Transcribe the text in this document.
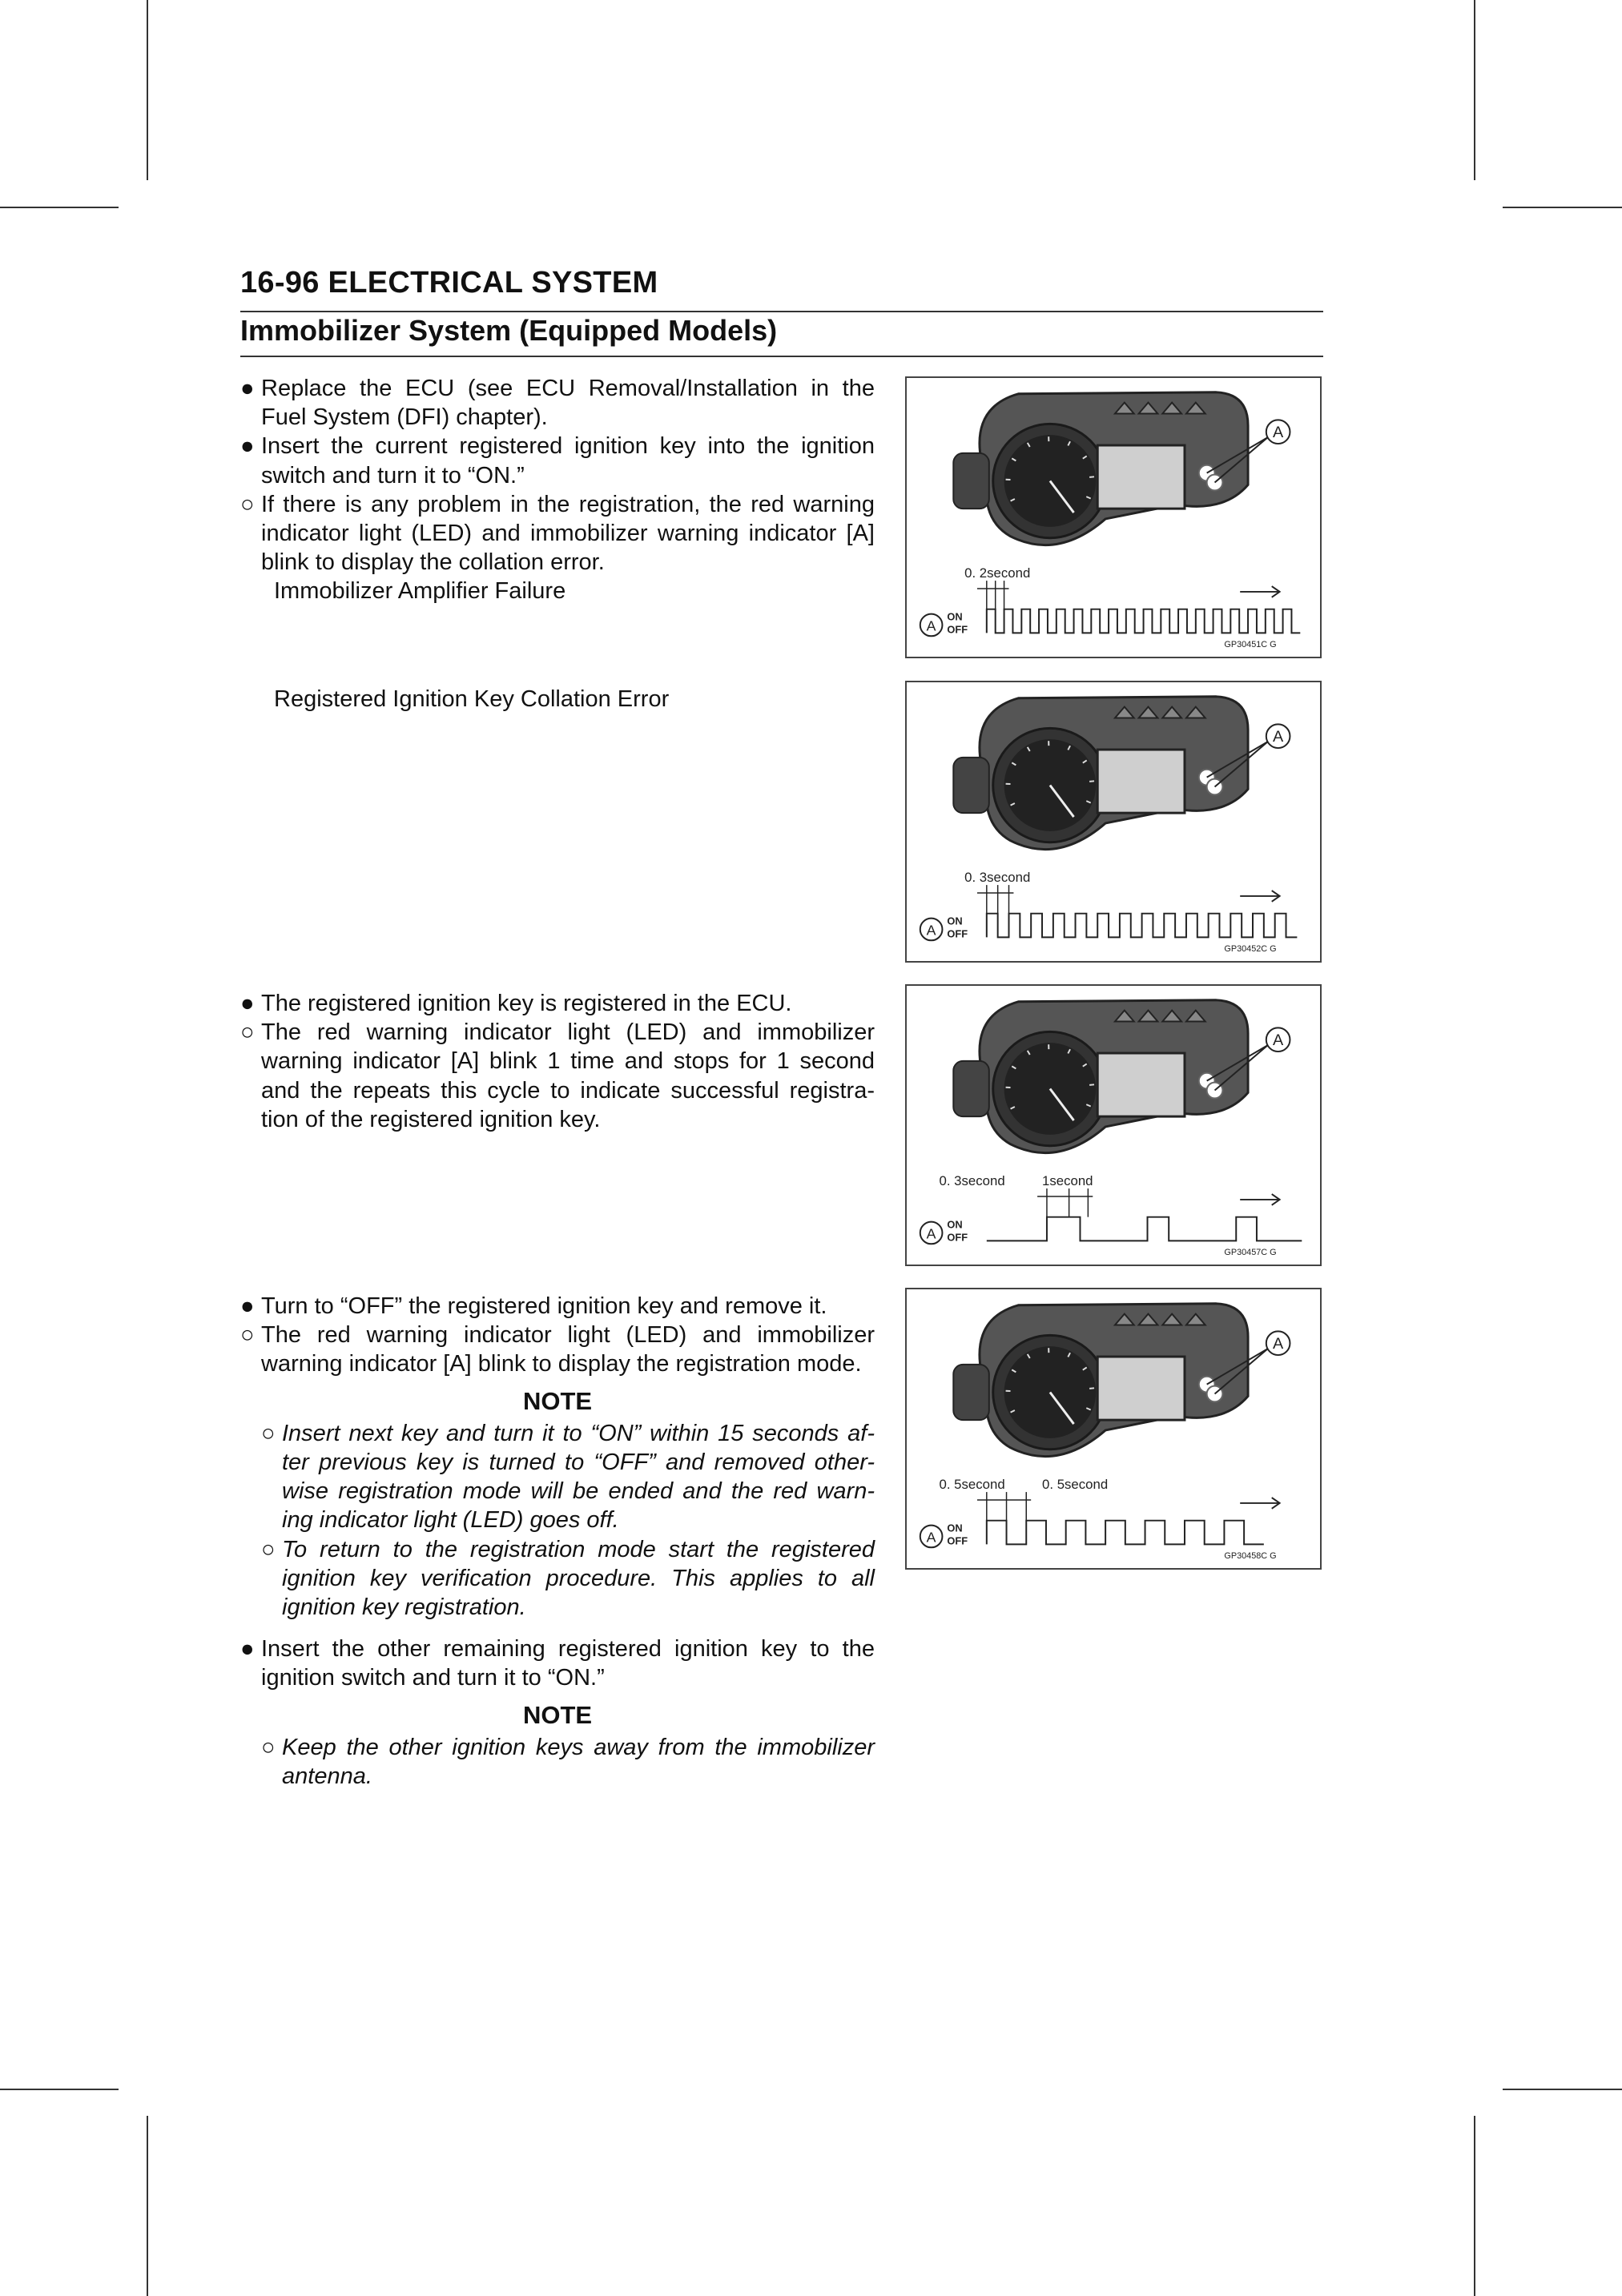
16-96 ELECTRICAL SYSTEM
Immobilizer System (Equipped Models)
● Replace the ECU (see ECU Removal/Installation in the Fuel System (DFI) chapter).
● Insert the current registered ignition key into the ignition switch and turn it to “ON.”
○ If there is any problem in the registration, the red warning indicator light (LED) and immobilizer warning indicator [A] blink to display the collation error.
Immobilizer Amplifier Failure
Registered Ignition Key Collation Error
● The registered ignition key is registered in the ECU.
○ The red warning indicator light (LED) and immobilizer warning indicator [A] blink 1 time and stops for 1 second and the repeats this cycle to indicate successful registra-tion of the registered ignition key.
● Turn to “OFF” the registered ignition key and remove it.
○ The red warning indicator light (LED) and immobilizer warning indicator [A] blink to display the registration mode.
NOTE
○ Insert next key and turn it to “ON” within 15 seconds af-ter previous key is turned to “OFF” and removed other-wise registration mode will be ended and the red warn-ing indicator light (LED) goes off.
○ To return to the registration mode start the registered ignition key verification procedure. This applies to all ignition key registration.
● Insert the other remaining registered ignition key to the ignition switch and turn it to “ON.”
NOTE
○ Keep the other ignition keys away from the immobilizer antenna.
A
0. 2second
A
ON
OFF
GP30451C G
A
0. 3second
A
ON
OFF
GP30452C G
A
0. 3second	1second
A
ON
OFF
GP30457C G
A
0. 5second	0. 5second
A
ON
OFF
GP30458C G
